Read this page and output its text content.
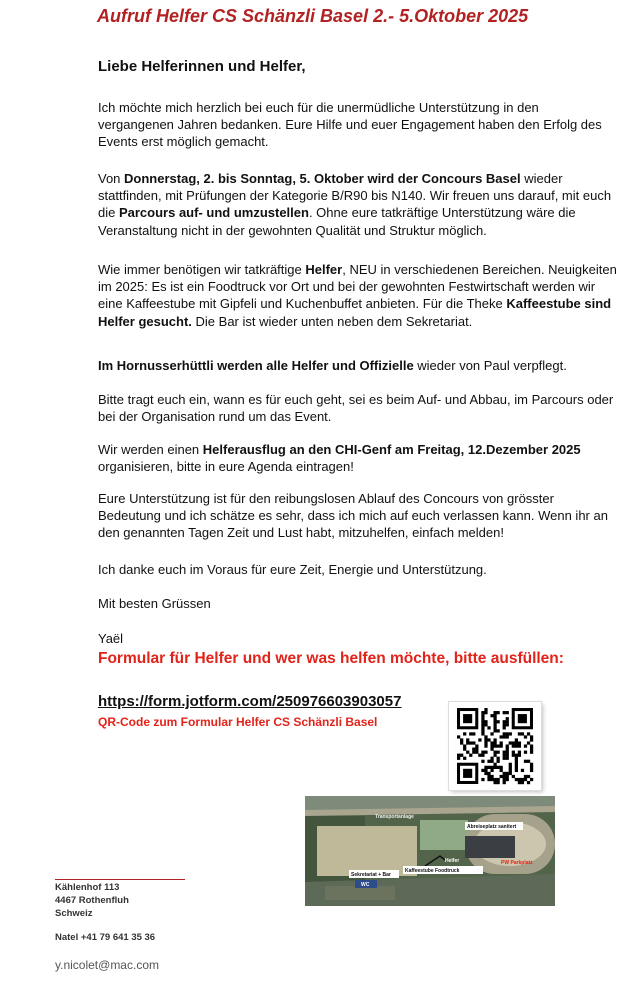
Aufruf Helfer CS Schänzli Basel 2.- 5.Oktober 2025
Liebe Helferinnen und Helfer,
Ich möchte mich herzlich bei euch für die unermüdliche Unterstützung in den vergangenen Jahren bedanken. Eure Hilfe und euer Engagement haben den Erfolg des Events erst möglich gemacht.
Von Donnerstag, 2. bis Sonntag, 5. Oktober wird der Concours Basel wieder stattfinden, mit Prüfungen der Kategorie B/R90 bis N140. Wir freuen uns darauf, mit euch die Parcours auf- und umzustellen. Ohne eure tatkräftige Unterstützung wäre die Veranstaltung nicht in der gewohnten Qualität und Struktur möglich.
Wie immer benötigen wir tatkräftige Helfer, NEU in verschiedenen Bereichen. Neuigkeiten im 2025: Es ist ein Foodtruck vor Ort und bei der gewohnten Festwirtschaft werden wir eine Kaffeestube mit Gipfeli und Kuchenbuffet anbieten. Für die Theke Kaffeestube sind Helfer gesucht. Die Bar ist wieder unten neben dem Sekretariat.
Im Hornusserhüttli werden alle Helfer und Offizielle wieder von Paul verpflegt.
Bitte tragt euch ein, wann es für euch geht, sei es beim Auf- und Abbau, im Parcours oder bei der Organisation rund um das Event.
Wir werden einen Helferausflug an den CHI-Genf am Freitag, 12.Dezember 2025 organisieren, bitte in eure Agenda eintragen!
Eure Unterstützung ist für den reibungslosen Ablauf des Concours von grösster Bedeutung und ich schätze es sehr, dass ich mich auf euch verlassen kann. Wenn ihr an den genannten Tagen Zeit und Lust habt, mitzuhelfen, einfach melden!
Ich danke euch im Voraus für eure Zeit, Energie und Unterstützung.
Mit besten Grüssen
Yaël
Formular für Helfer und wer was helfen möchte, bitte ausfüllen:
https://form.jotform.com/250976603903057
QR-Code zum Formular Helfer CS Schänzli Basel
Transportanlage
Abreiseplatz sanitert
Helfer
Kaffeestube Foodtruck
Sekretariat + Bar
PW Parkplatz
WC
Kählenhof 113
4467 Rothenfluh
Schweiz
Natel +41 79 641 35 36
y.nicolet@mac.com
